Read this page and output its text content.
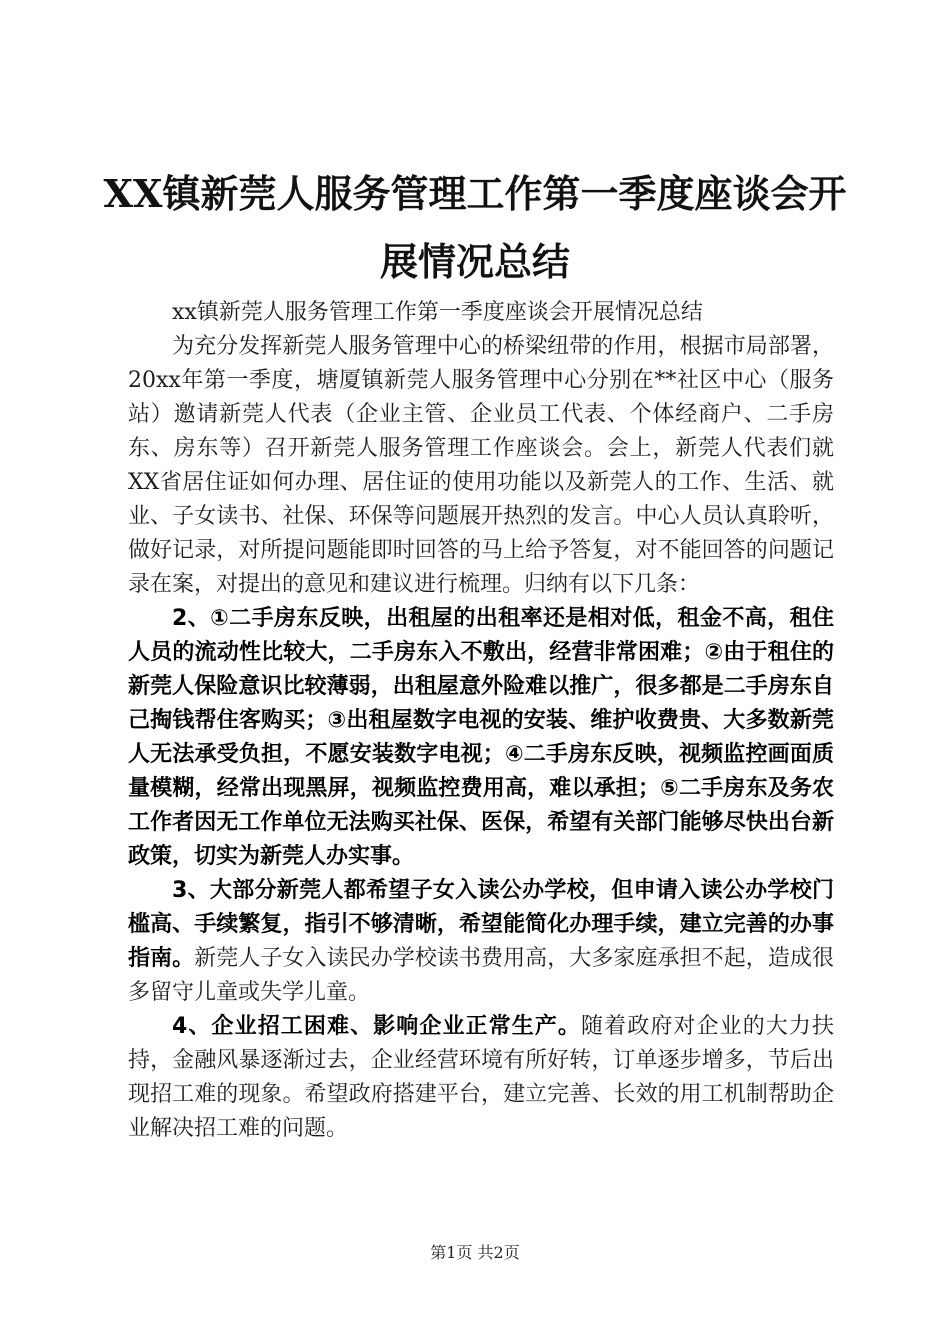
XX镇新莞人服务管理工作第一季度座谈会开展情况总结

xx镇新莞人服务管理工作第一季度座谈会开展情况总结

为充分发挥新莞人服务管理中心的桥梁纽带的作用，根据市局部署，20xx年第一季度，塘厦镇新莞人服务管理中心分别在**社区中心（服务站）邀请新莞人代表（企业主管、企业员工代表、个体经商户、二手房东、房东等）召开新莞人服务管理工作座谈会。会上，新莞人代表们就XX省居住证如何办理、居住证的使用功能以及新莞人的工作、生活、就业、子女读书、社保、环保等问题展开热烈的发言。中心人员认真聆听，做好记录，对所提问题能即时回答的马上给予答复，对不能回答的问题记录在案，对提出的意见和建议进行梳理。归纳有以下几条：

2、①二手房东反映，出租屋的出租率还是相对低，租金不高，租住人员的流动性比较大，二手房东入不敷出，经营非常困难；②由于租住的新莞人保险意识比较薄弱，出租屋意外险难以推广，很多都是二手房东自己掏钱帮住客购买；③出租屋数字电视的安装、维护收费贵、大多数新莞人无法承受负担，不愿安装数字电视；④二手房东反映，视频监控画面质量模糊，经常出现黑屏，视频监控费用高，难以承担；⑤二手房东及务农工作者因无工作单位无法购买社保、医保，希望有关部门能够尽快出台新政策，切实为新莞人办实事。

3、大部分新莞人都希望子女入读公办学校，但申请入读公办学校门槛高、手续繁复，指引不够清晰，希望能简化办理手续，建立完善的办事指南。新莞人子女入读民办学校读书费用高，大多家庭承担不起，造成很多留守儿童或失学儿童。

4、企业招工困难、影响企业正常生产。随着政府对企业的大力扶持，金融风暴逐渐过去，企业经营环境有所好转，订单逐步增多，节后出现招工难的现象。希望政府搭建平台，建立完善、长效的用工机制帮助企业解决招工难的问题。

第1页 共2页
